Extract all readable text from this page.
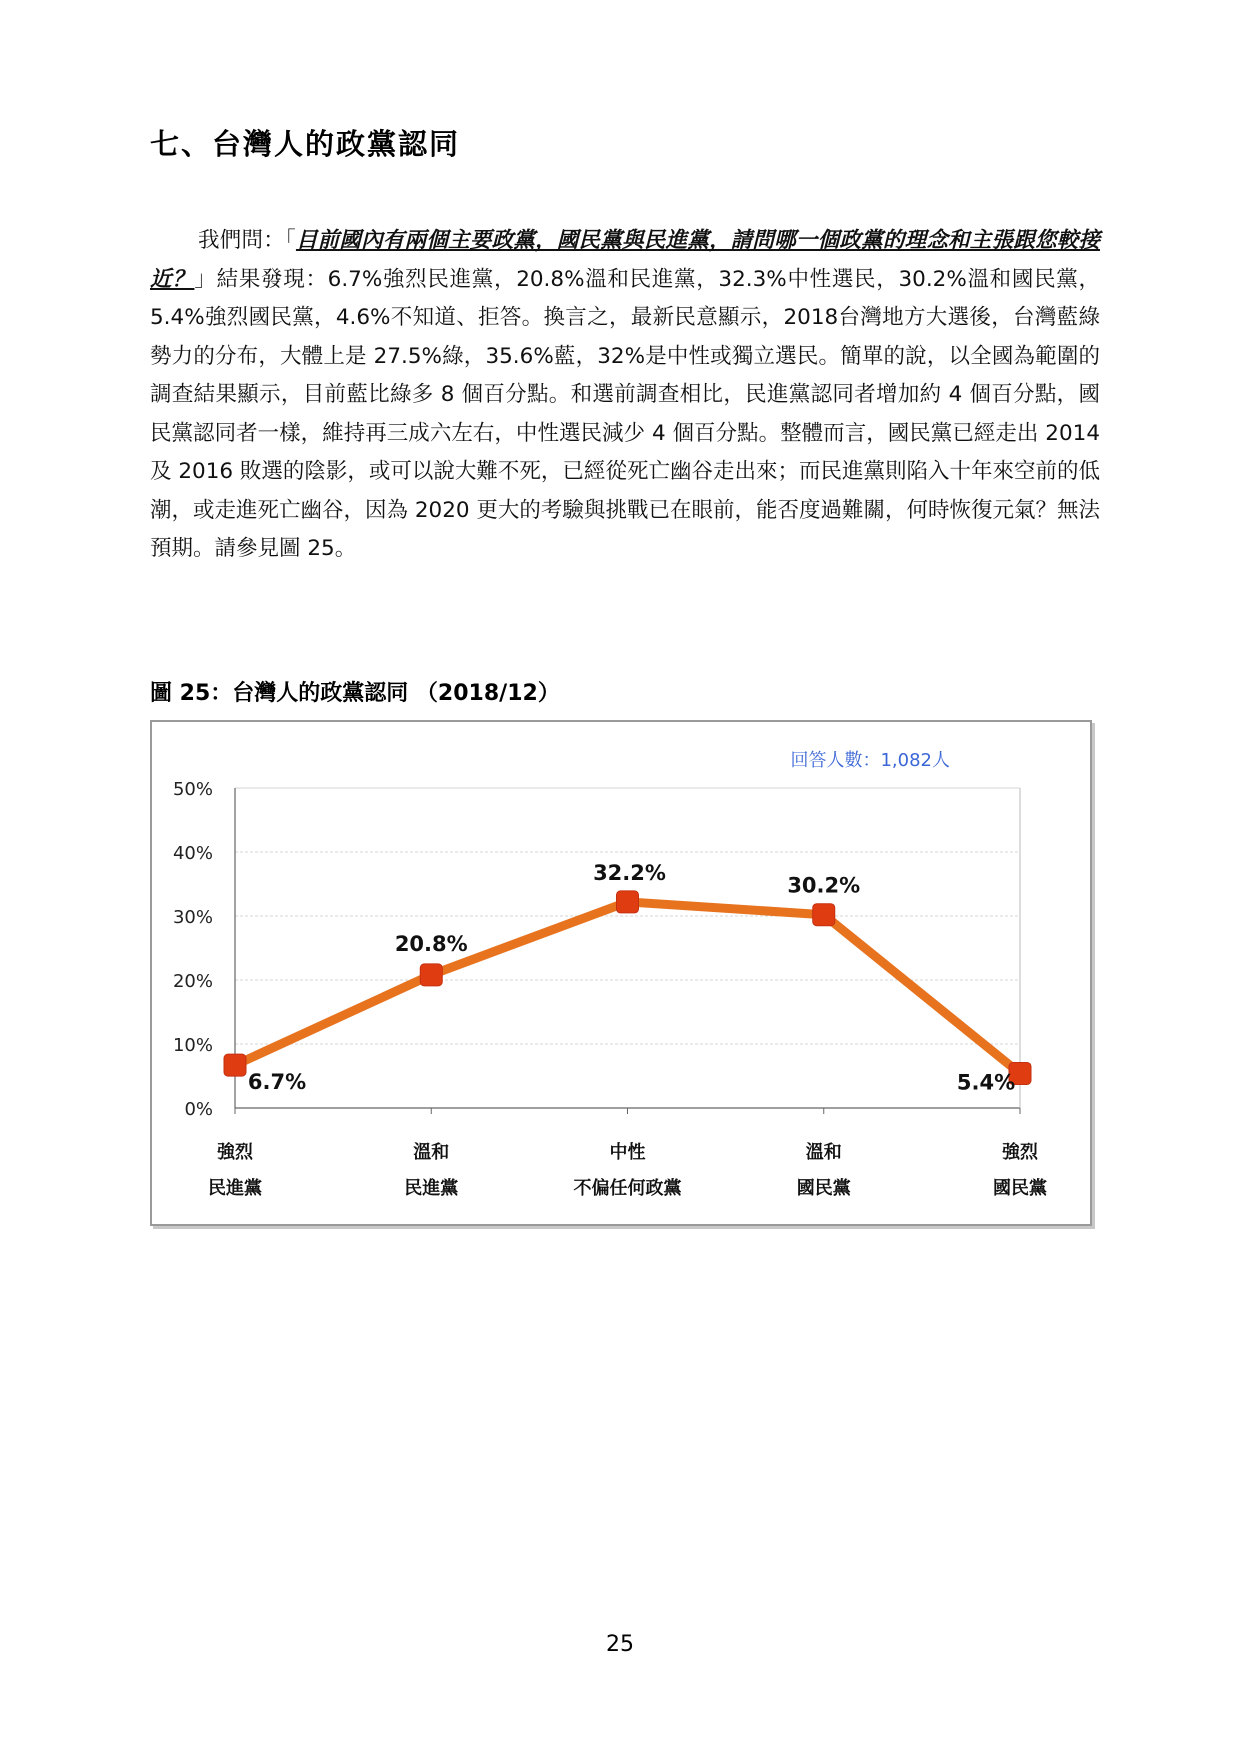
七、台灣人的政黨認同

我們問：「目前國內有兩個主要政黨，國民黨與民進黨，請問哪一個政黨的理念和主張跟您較接近？」結果發現：6.7%強烈民進黨，20.8%溫和民進黨，32.3%中性選民，30.2%溫和國民黨，5.4%強烈國民黨，4.6%不知道、拒答。換言之，最新民意顯示，2018台灣地方大選後，台灣藍綠勢力的分布，大體上是 27.5%綠，35.6%藍，32%是中性或獨立選民。簡單的說，以全國為範圍的調查結果顯示，目前藍比綠多 8 個百分點。和選前調查相比，民進黨認同者增加約 4 個百分點，國民黨認同者一樣，維持再三成六左右，中性選民減少 4 個百分點。整體而言，國民黨已經走出 2014 及 2016 敗選的陰影，或可以說大難不死，已經從死亡幽谷走出來；而民進黨則陷入十年來空前的低潮，或走進死亡幽谷，因為 2020 更大的考驗與挑戰已在眼前，能否度過難關，何時恢復元氣？無法預期。請參見圖 25。

圖 25：台灣人的政黨認同 （2018/12）
回答人數：1,082人
0%
10%
20%
30%
40%
50%
強烈
民進黨
溫和
民進黨
中性
不偏任何政黨
溫和
國民黨
強烈
國民黨
6.7%
20.8%
32.2%
30.2%
5.4%
25
